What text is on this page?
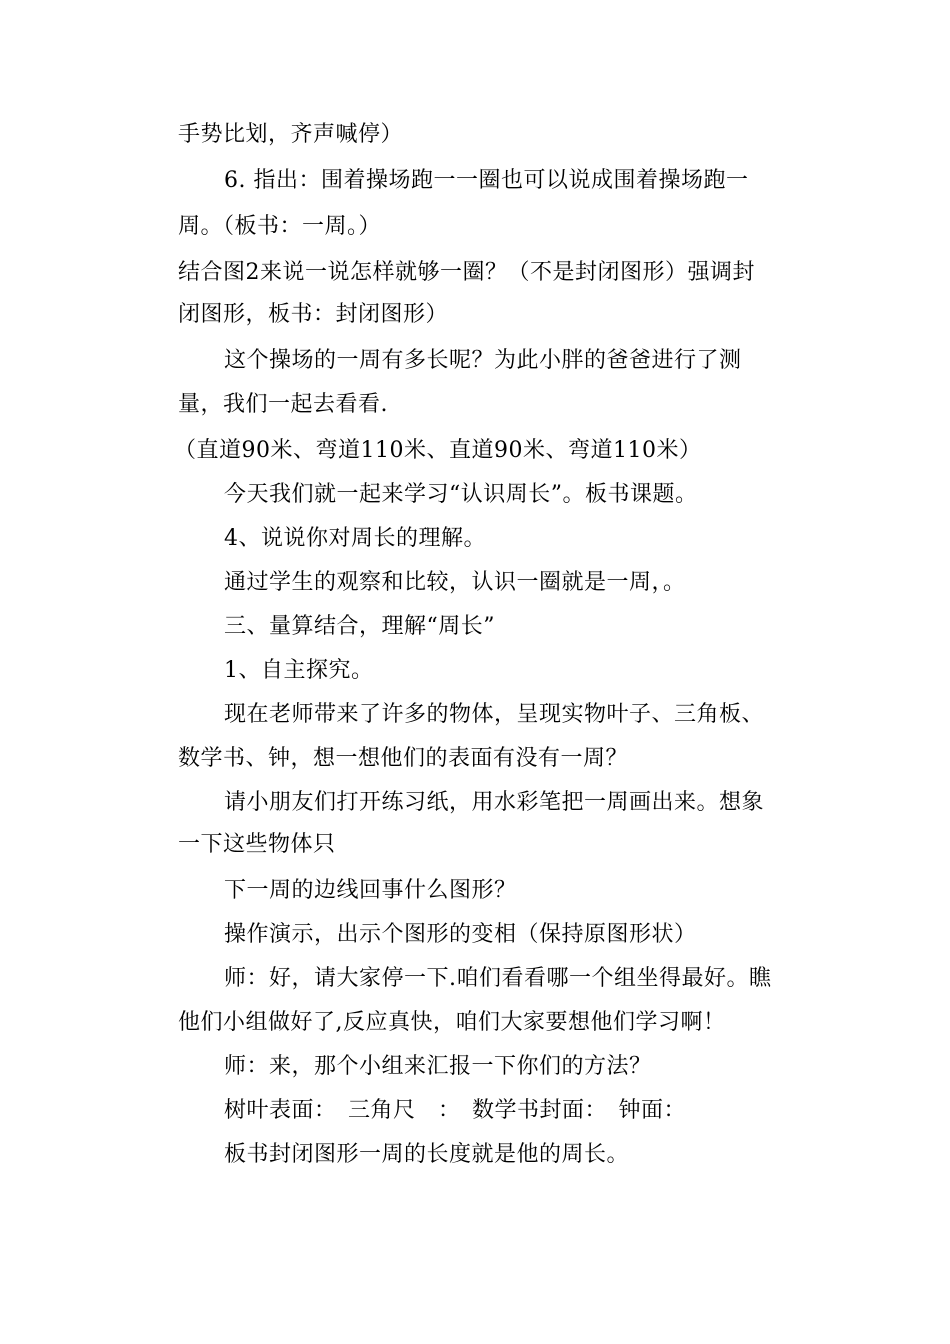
手势比划，齐声喊停）
6. 指出：围着操场跑一一圈也可以说成围着操场跑一
周。（板书：一周。）
结合图2来说一说怎样就够一圈？（不是封闭图形）强调封
闭图形，板书：封闭图形）
这个操场的一周有多长呢？为此小胖的爸爸进行了测
量，我们一起去看看.
（直道90米、弯道110米、直道90米、弯道110米）
今天我们就一起来学习“认识周长”。板书课题。
4、说说你对周长的理解。
通过学生的观察和比较，认识一圈就是一周，。
三、量算结合，理解“周长”
1、自主探究。
现在老师带来了许多的物体，呈现实物叶子、三角板、
数学书、钟，想一想他们的表面有没有一周？
请小朋友们打开练习纸，用水彩笔把一周画出来。想象
一下这些物体只
下一周的边线回事什么图形？
操作演示，出示个图形的变相（保持原图形状）
师：好，请大家停一下.咱们看看哪一个组坐得最好。瞧
他们小组做好了,反应真快，咱们大家要想他们学习啊！
师：来，那个小组来汇报一下你们的方法？
树叶表面：　三角尺　：　数学书封面：　钟面：
板书封闭图形一周的长度就是他的周长。
